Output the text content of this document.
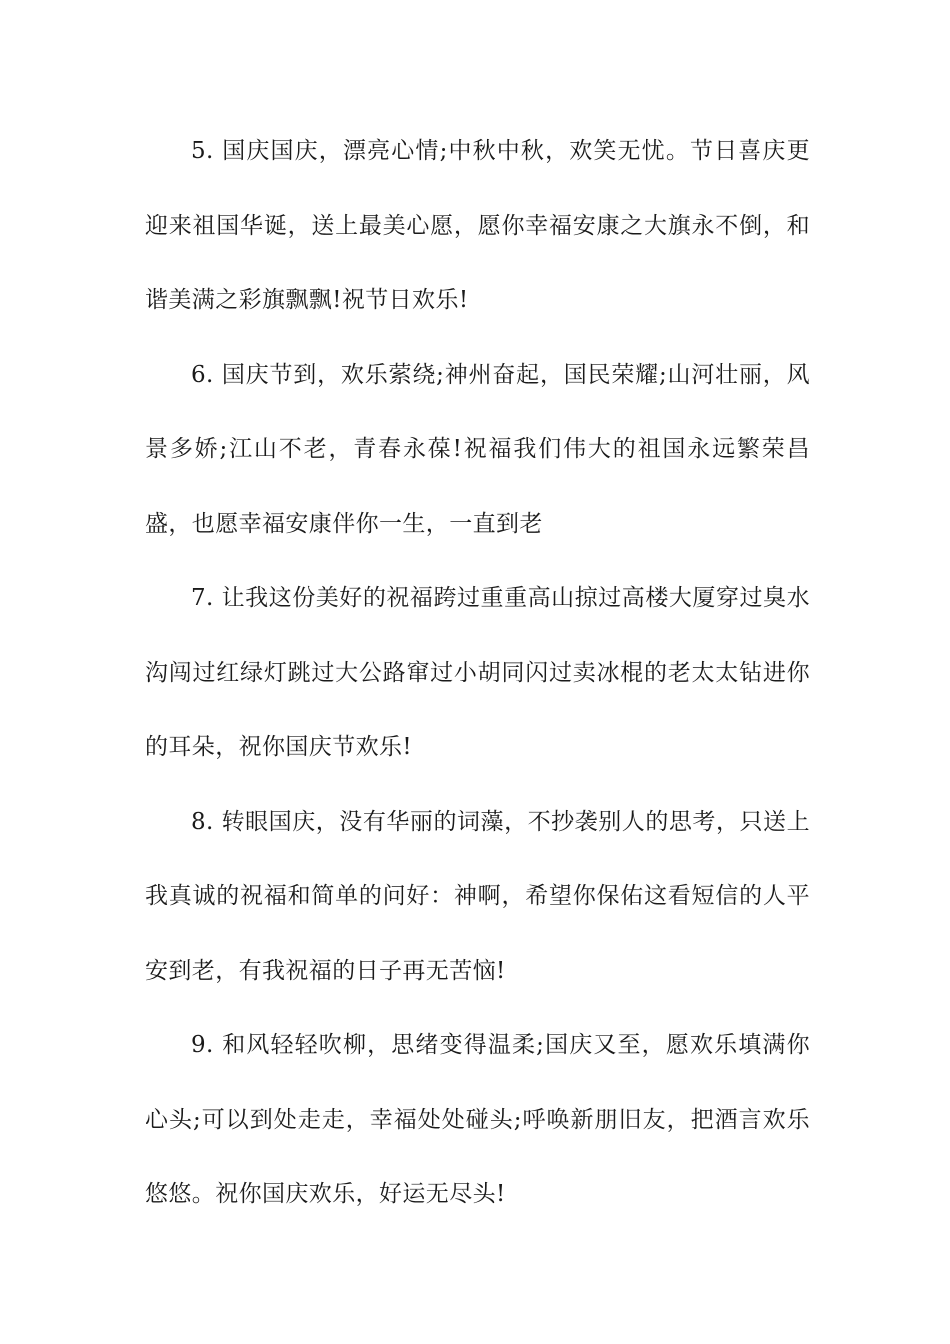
5. 国庆国庆，漂亮心情;中秋中秋，欢笑无忧。节日喜庆更迎来祖国华诞，送上最美心愿，愿你幸福安康之大旗永不倒，和谐美满之彩旗飘飘!祝节日欢乐!

6. 国庆节到，欢乐萦绕;神州奋起，国民荣耀;山河壮丽，风景多娇;江山不老，青春永葆!祝福我们伟大的祖国永远繁荣昌盛，也愿幸福安康伴你一生，一直到老

7. 让我这份美好的祝福跨过重重高山掠过高楼大厦穿过臭水沟闯过红绿灯跳过大公路窜过小胡同闪过卖冰棍的老太太钻进你的耳朵，祝你国庆节欢乐!

8. 转眼国庆，没有华丽的词藻，不抄袭别人的思考，只送上我真诚的祝福和简单的问好：神啊，希望你保佑这看短信的人平安到老，有我祝福的日子再无苦恼!

9. 和风轻轻吹柳，思绪变得温柔;国庆又至，愿欢乐填满你心头;可以到处走走，幸福处处碰头;呼唤新朋旧友，把酒言欢乐悠悠。祝你国庆欢乐，好运无尽头!
